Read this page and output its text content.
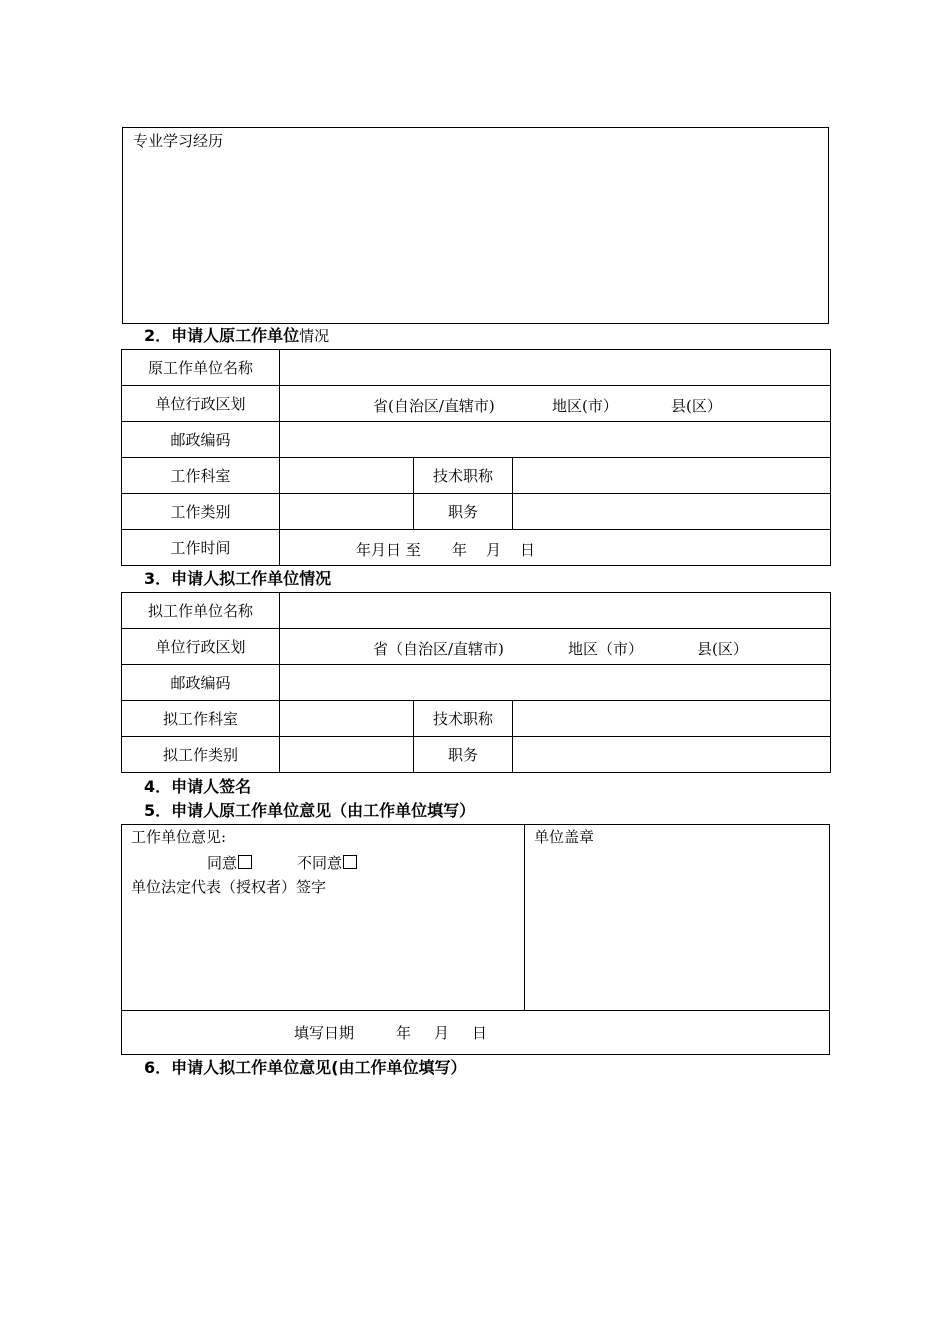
专业学习经历
2．申请人原工作单位情况
原工作单位名称			
单位行政区划	省(自治区/直辖市) 地区(市） 县(区）		

邮政编码			
工作科室		技术职称	
工作类别		职务	
工作时间	年月日 至 年 月 日		
3．申请人拟工作单位情况
拟工作单位名称			
单位行政区划	省（自治区/直辖市) 地区（市） 县(区）		

邮政编码			
拟工作科室		技术职称	
拟工作类别		职务	
4．申请人签名
5．申请人原工作单位意见（由工作单位填写）
工作单位意见:
同意	不同意
单位法定代表（授权者）签字
单位盖章
填写日期	年 月 日
6．申请人拟工作单位意见(由工作单位填写）
